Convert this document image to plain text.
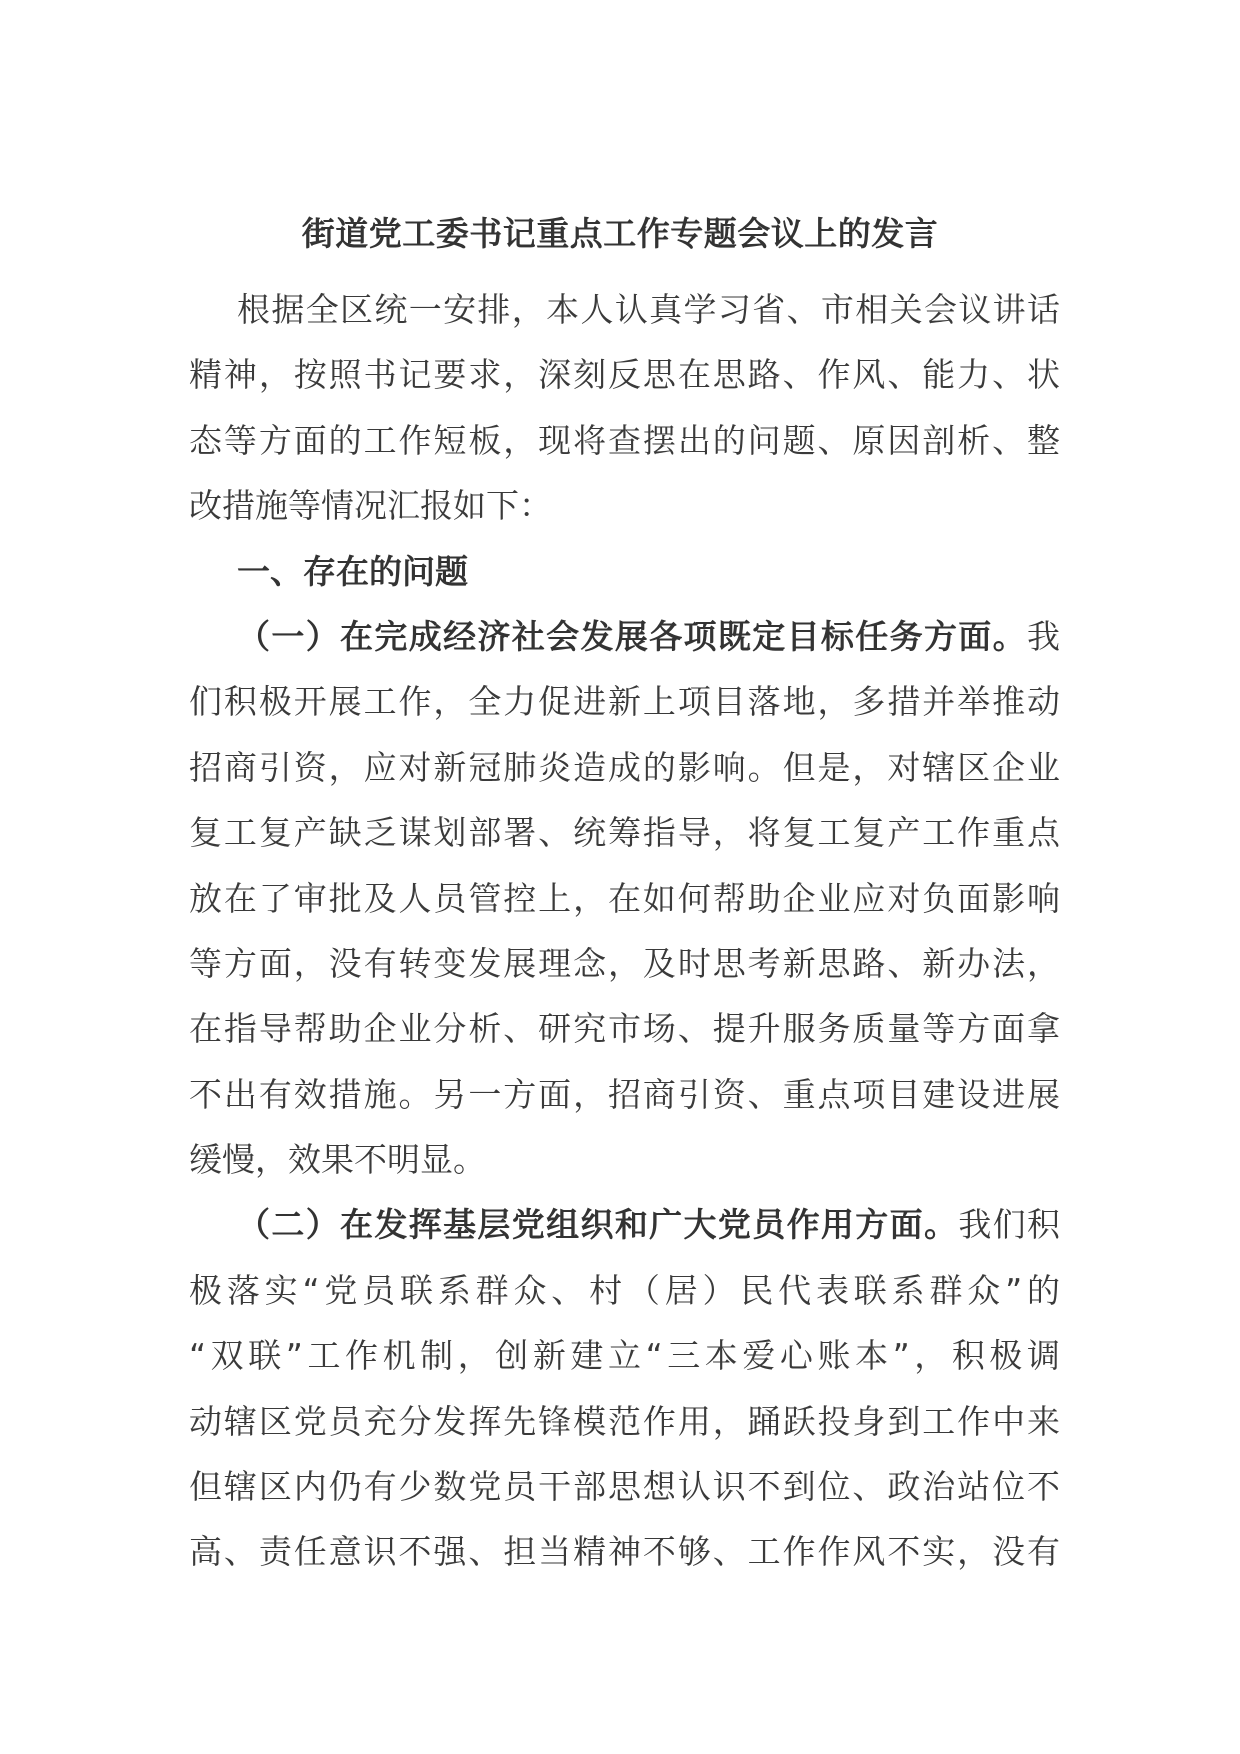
街道党工委书记重点工作专题会议上的发言
根据全区统一安排，本人认真学习省、市相关会议讲话
精神，按照书记要求，深刻反思在思路、作风、能力、状
态等方面的工作短板，现将查摆出的问题、原因剖析、整
改措施等情况汇报如下：
一、存在的问题
（一）在完成经济社会发展各项既定目标任务方面。我
们积极开展工作，全力促进新上项目落地，多措并举推动
招商引资，应对新冠肺炎造成的影响。但是，对辖区企业
复工复产缺乏谋划部署、统筹指导，将复工复产工作重点
放在了审批及人员管控上，在如何帮助企业应对负面影响
等方面，没有转变发展理念，及时思考新思路、新办法，
在指导帮助企业分析、研究市场、提升服务质量等方面拿
不出有效措施。另一方面，招商引资、重点项目建设进展
缓慢，效果不明显。
（二）在发挥基层党组织和广大党员作用方面。我们积
极落实“党员联系群众、村（居）民代表联系群众”的
“双联”工作机制，创新建立“三本爱心账本”，积极调
动辖区党员充分发挥先锋模范作用，踊跃投身到工作中来
但辖区内仍有少数党员干部思想认识不到位、政治站位不
高、责任意识不强、担当精神不够、工作作风不实，没有
